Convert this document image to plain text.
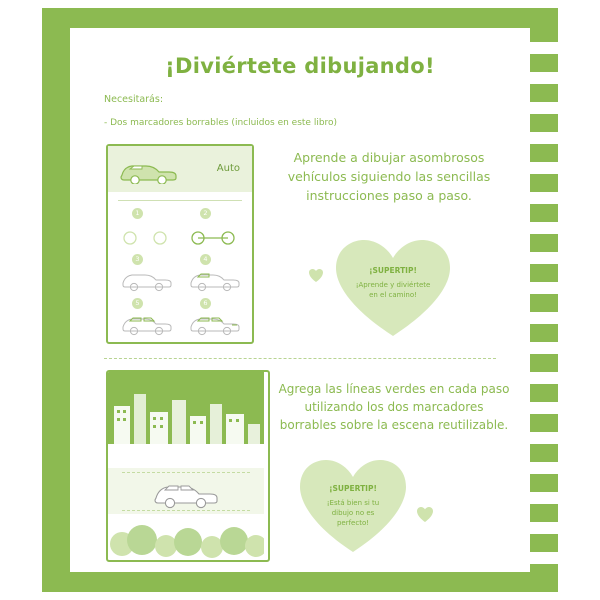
¡Diviértete dibujando!
Necesitarás:
- Dos marcadores borrables (incluidos en este libro)
Auto
1	2
3	4
5	6
Aprende a dibujar asombrosos vehículos siguiendo las sencillas instrucciones paso a paso.
¡SUPERTIP!
¡Aprende y diviértete en el camino!
Agrega las líneas verdes en cada paso utilizando los dos marcadores borrables sobre la escena reutilizable.
¡SUPERTIP!
¡Está bien si tu dibujo no es perfecto!
